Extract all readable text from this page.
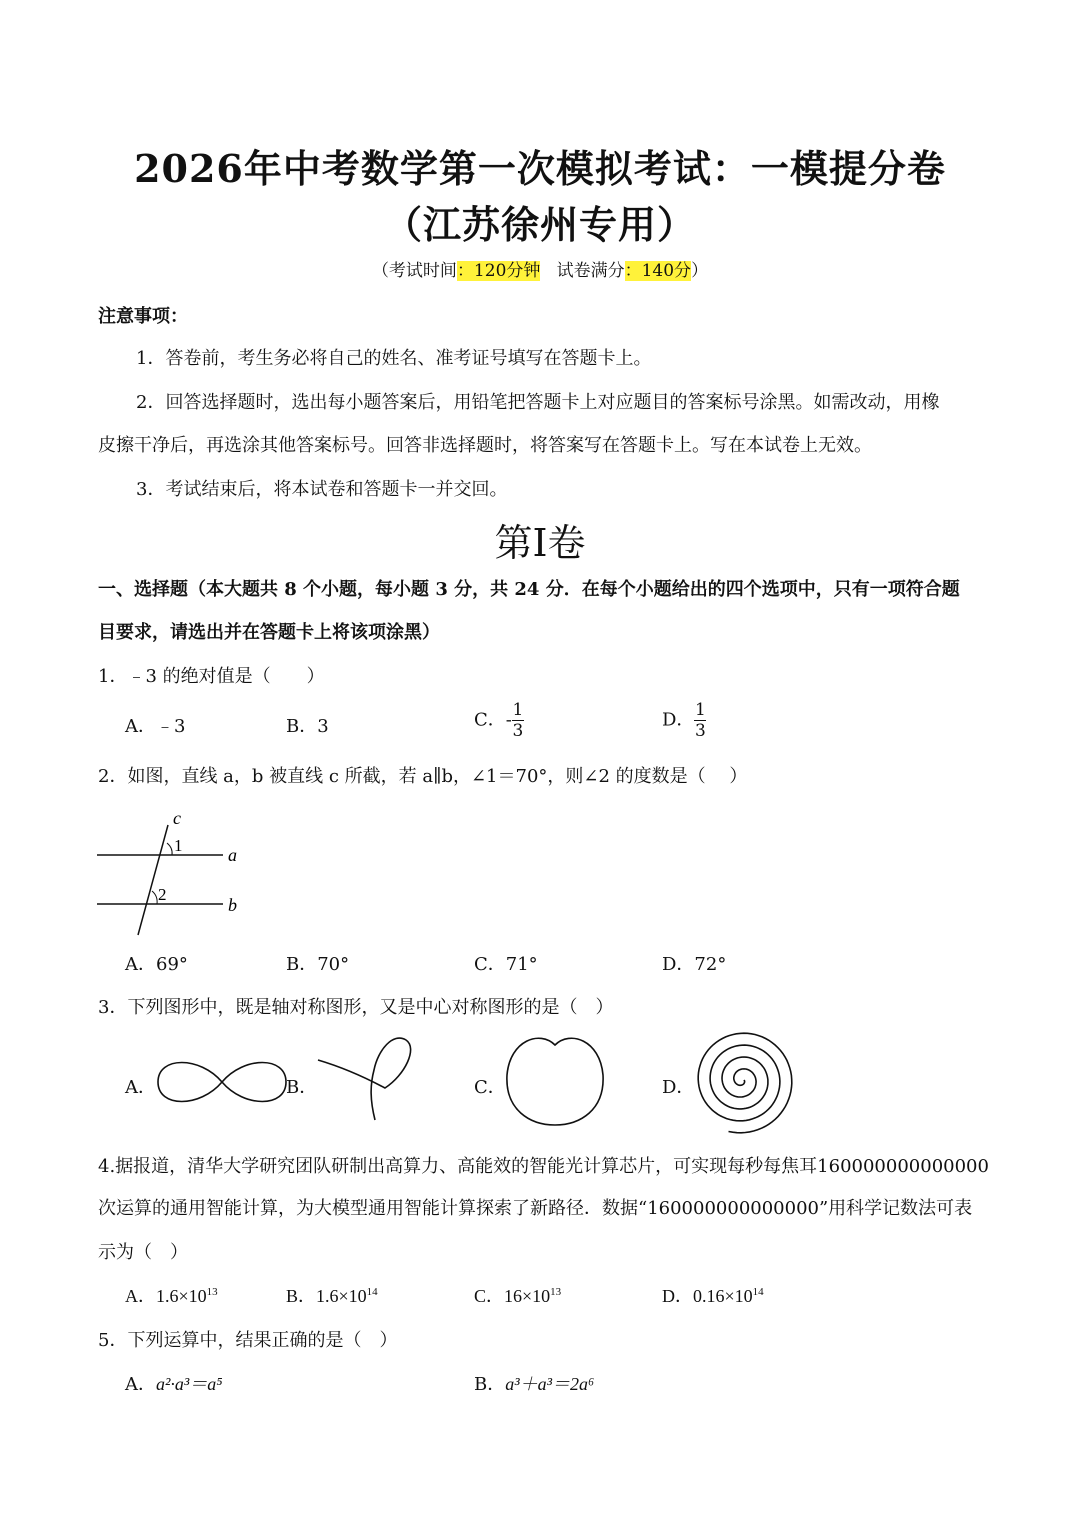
2026年中考数学第一次模拟考试：一模提分卷
（江苏徐州专用）
（考试时间：120分钟 试卷满分：140分）
注意事项：
1．答卷前，考生务必将自己的姓名、准考证号填写在答题卡上。
2．回答选择题时，选出每小题答案后，用铅笔把答题卡上对应题目的答案标号涂黑。如需改动，用橡
皮擦干净后，再选涂其他答案标号。回答非选择题时，将答案写在答题卡上。写在本试卷上无效。
3．考试结束后，将本试卷和答题卡一并交回。
第I卷
一、选择题（本大题共 8 个小题，每小题 3 分，共 24 分．在每个小题给出的四个选项中，只有一项符合题
目要求，请选出并在答题卡上将该项涂黑）
1．﹣3 的绝对值是（　　）
A．﹣3	B．3	C．- $\frac{1}{3}$	D． $\frac{1}{3}$
2．如图，直线 a，b 被直线 c 所截，若 a∥b，∠1＝70°，则∠2 的度数是（　 ）
c
a
b
1
2
A．69°	B．70°	C．71°	D．72°
3．下列图形中，既是轴对称图形，又是中心对称图形的是（　）
A．	B．	C．	D．
4.据报道，清华大学研究团队研制出高算力、高能效的智能光计算芯片，可实现每秒每焦耳160000000000000
次运算的通用智能计算，为大模型通用智能计算探索了新路径．数据“160000000000000”用科学记数法可表
示为（　）
A．$1.6\times 10^{13}$	B．$1.6\times 10^{14}$	C．$16\times 10^{13}$	D．$0.16\times 10^{14}$
5．下列运算中，结果正确的是（　）
A．a²·a³＝a⁵	B．a³＋a³＝2a⁶
